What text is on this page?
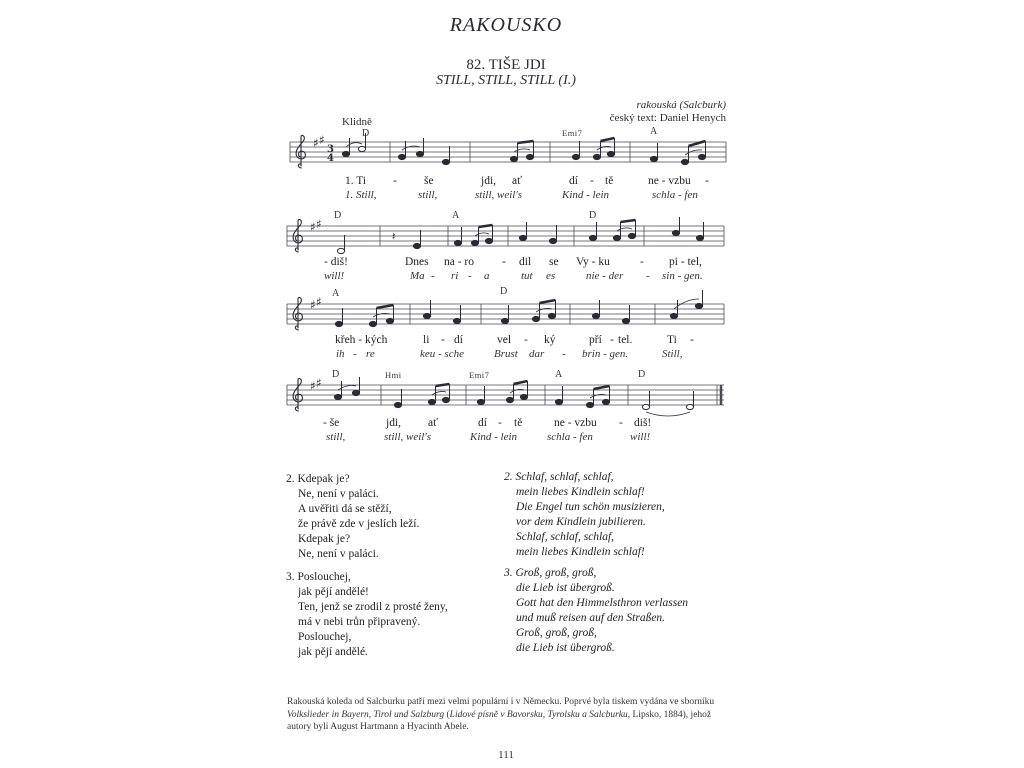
RAKOUSKO
82. TIŠE JDI
STILL, STILL, STILL (I.)
rakouská (Salcburk)
český text: Daniel Henych
Klidně
♯ ♯
3
4
♯ ♯
𝄽
♯ ♯
♯ ♯
D	Emi7	A
1. Ti - še	jdi, ať	dí - tě	ne - vzbu -
1. Still,	still,	still, weil's	Kind - lein	schla - fen
D	A	D
- diš!	Dnes na - ro - dil se Vy - ku	- pi - tel,
will!	Ma - ri - a	tut es	nie - der - sin - gen.
A	D
křeh - kých	li - dí	vel - ký	pří - tel.	Ti -
ih - re	keu - sche	Brust dar - brin - gen.	Still,
D	Hmi	Emi7	A	D
- še	jdi, ať	dí - tě	ne - vzbu - diš!
still,	still, weil's	Kind - lein	schla - fen	will!
2. Kdepak je?
Ne, není v paláci.
A uvěřiti dá se stěží,
že právě zde v jeslích leží.
Kdepak je?
Ne, není v paláci.
3. Poslouchej,
jak pějí andělé!
Ten, jenž se zrodil z prosté ženy,
má v nebi trůn připravený.
Poslouchej,
jak pějí andělé.
2. Schlaf, schlaf, schlaf,
mein liebes Kindlein schlaf!
Die Engel tun schön musizieren,
vor dem Kindlein jubilieren.
Schlaf, schlaf, schlaf,
mein liebes Kindlein schlaf!
3. Groß, groß, groß,
die Lieb ist übergroß.
Gott hat den Himmelsthron verlassen
und muß reisen auf den Straßen.
Groß, groß, groß,
die Lieb ist übergroß.
Rakouská koleda od Salcburku patří mezi velmi populární i v Německu. Poprvé byla tiskem vydána ve sborníku Volkslieder in Bayern, Tirol und Salzburg (Lidové písně v Bavorsku, Tyrolsku a Salcburku, Lipsko, 1884), jehož autory byli August Hartmann a Hyacinth Abele.
111
